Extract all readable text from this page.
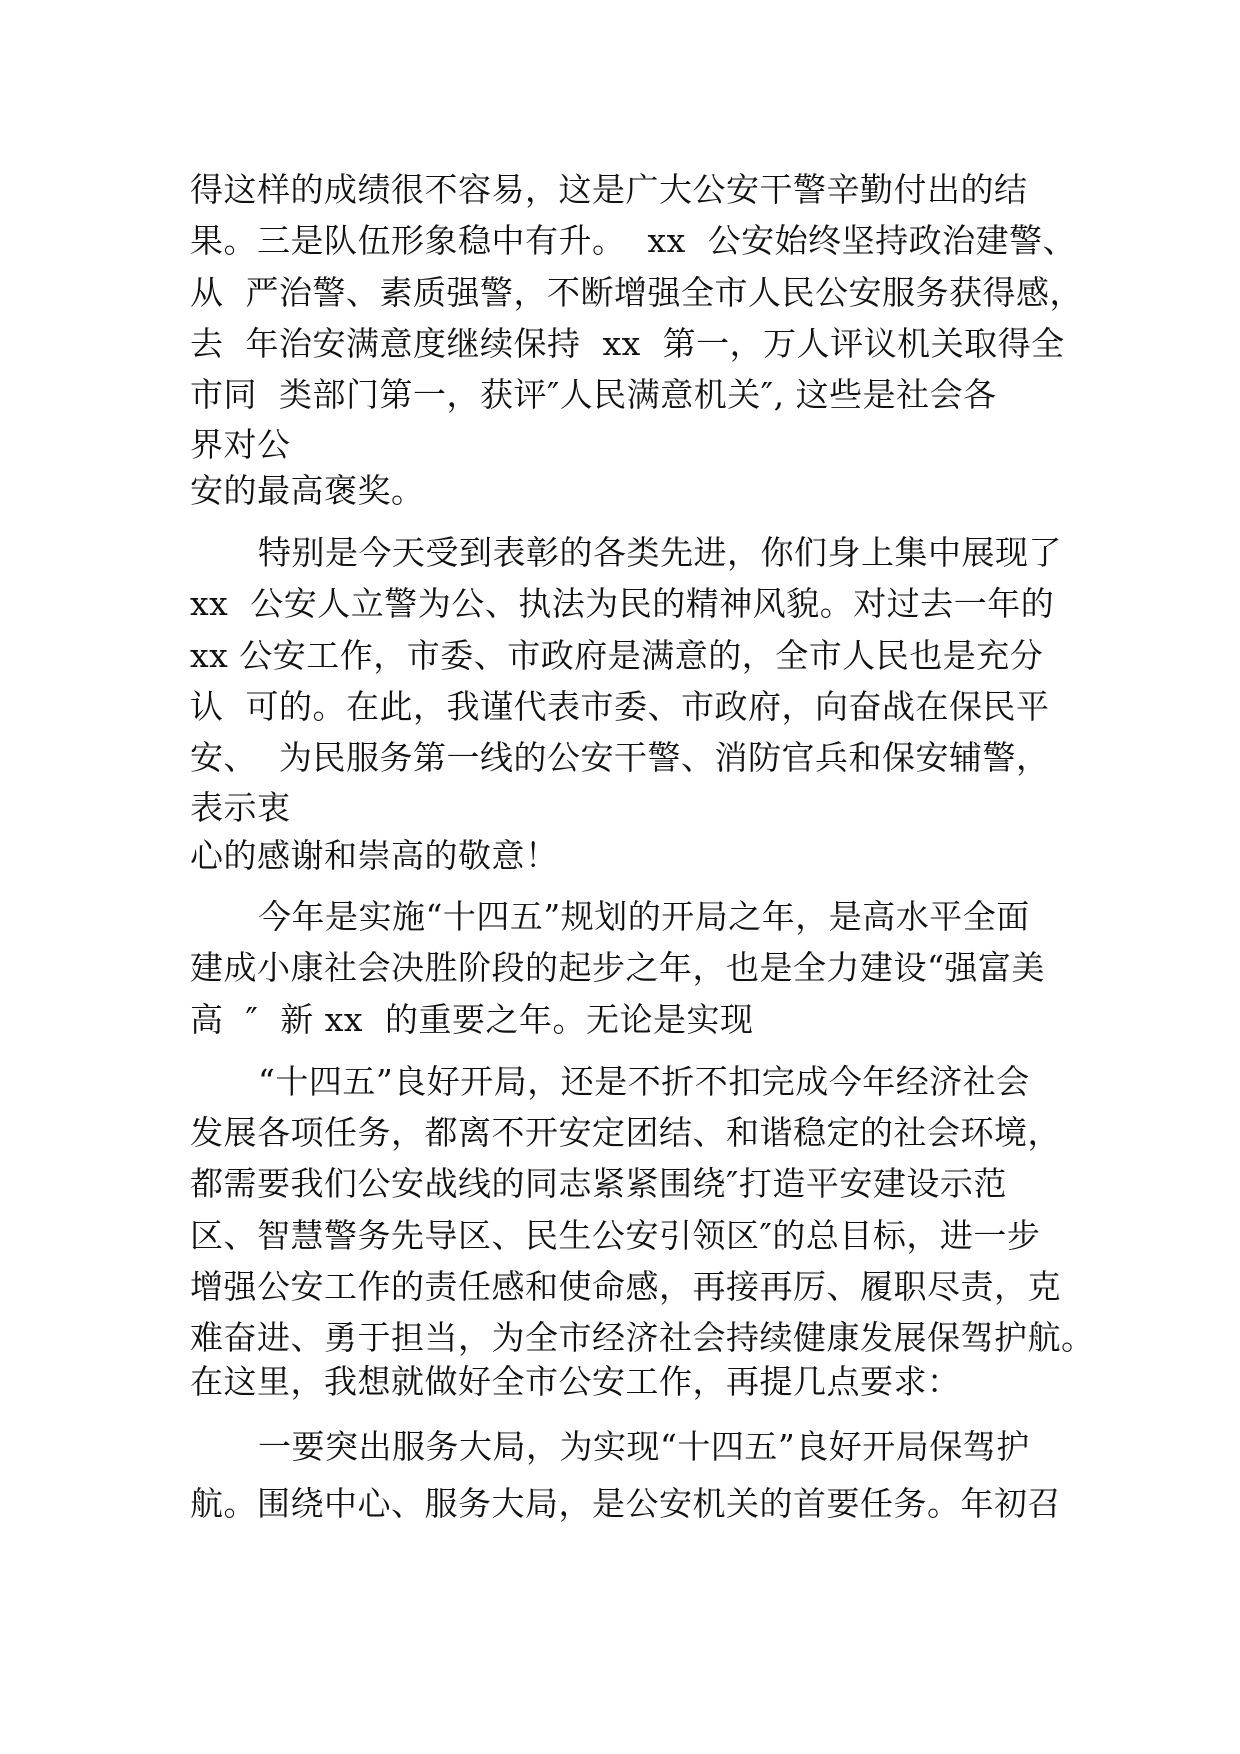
得这样的成绩很不容易，这是广大公安干警辛勤付出的结
果。三是队伍形象稳中有升。  xx  公安始终坚持政治建警、
从  严治警、素质强警，不断增强全市人民公安服务获得感，
去  年治安满意度继续保持  xx  第一，万人评议机关取得全
市同  类部门第一，获评″人民满意机关″, 这些是社会各
界对公
安的最高褒奖。
特别是今天受到表彰的各类先进，你们身上集中展现了
xx  公安人立警为公、执法为民的精神风貌。对过去一年的
xx 公安工作，市委、市政府是满意的，全市人民也是充分
认  可的。在此，我谨代表市委、市政府，向奋战在保民平
安、  为民服务第一线的公安干警、消防官兵和保安辅警，
表示衷
心的感谢和崇高的敬意！
今年是实施“十四五”规划的开局之年，是高水平全面
建成小康社会决胜阶段的起步之年，也是全力建设“强富美
高  ″  新 xx  的重要之年。无论是实现
“十四五”良好开局，还是不折不扣完成今年经济社会
发展各项任务，都离不开安定团结、和谐稳定的社会环境，
都需要我们公安战线的同志紧紧围绕″打造平安建设示范
区、智慧警务先导区、民生公安引领区″的总目标，进一步
增强公安工作的责任感和使命感，再接再厉、履职尽责，克
难奋进、勇于担当，为全市经济社会持续健康发展保驾护航。
在这里，我想就做好全市公安工作，再提几点要求：
一要突出服务大局，为实现“十四五”良好开局保驾护
航。围绕中心、服务大局，是公安机关的首要任务。年初召
